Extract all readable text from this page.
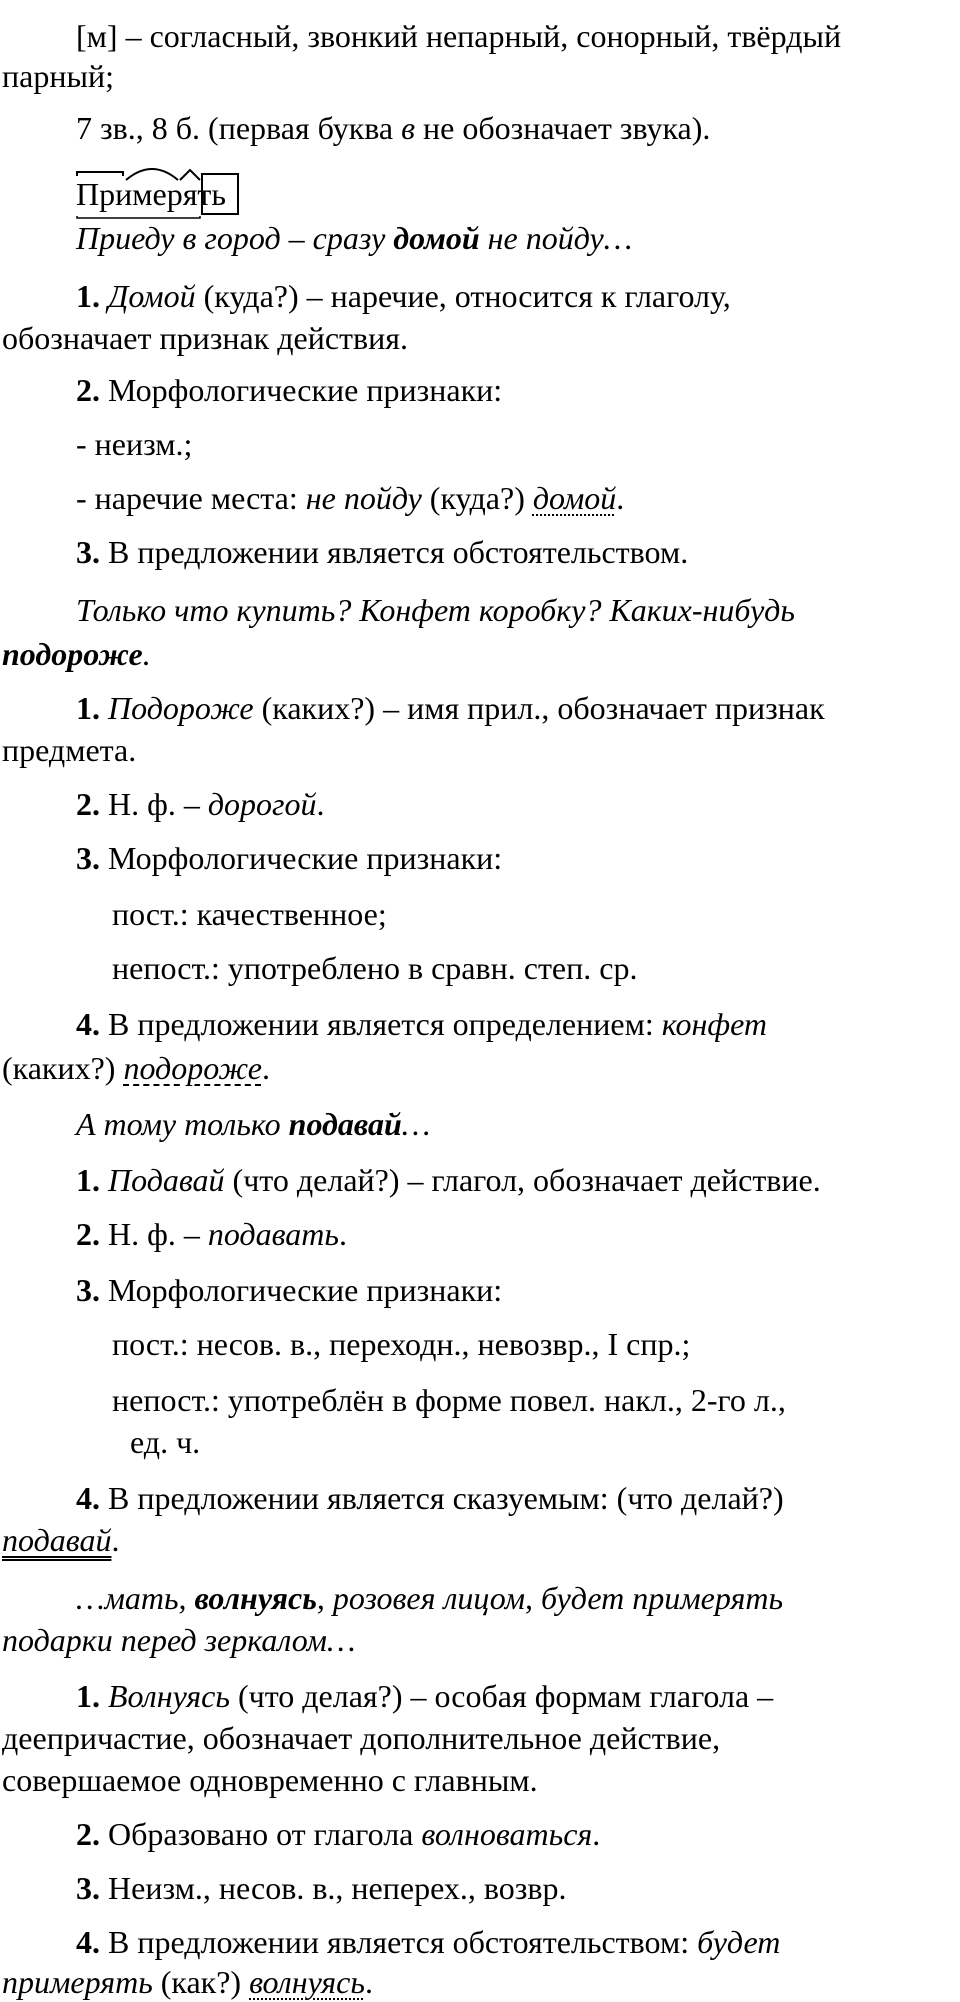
[м] – согласный, звонкий непарный, сонорный, твёрдый

парный;

7 зв., 8 б. (первая буква в не обозначает звука).

Примерять

Приеду в город – сразу домой не пойду…

1. Домой (куда?) – наречие, относится к глаголу,

обозначает признак действия.

2. Морфологические признаки:

- неизм.;

- наречие места: не пойду (куда?) домой.

3. В предложении является обстоятельством.

Только что купить? Конфет коробку? Каких-нибудь

подороже.

1. Подороже (каких?) – имя прил., обозначает признак

предмета.

2. Н. ф. – дорогой.

3. Морфологические признаки:

пост.: качественное;

непост.: употреблено в сравн. степ. ср.

4. В предложении является определением: конфет

(каких?) подороже.

А тому только подавай…

1. Подавай (что делай?) – глагол, обозначает действие.

2. Н. ф. – подавать.

3. Морфологические признаки:

пост.: несов. в., переходн., невозвр., I спр.;

непост.: употреблён в форме повел. накл., 2-го л.,

ед. ч.

4. В предложении является сказуемым: (что делай?)

подавай.

…мать, волнуясь, розовея лицом, будет примерять

подарки перед зеркалом…

1. Волнуясь (что делая?) – особая формам глагола –

деепричастие, обозначает дополнительное действие,

совершаемое одновременно с главным.

2. Образовано от глагола волноваться.

3. Неизм., несов. в., неперех., возвр.

4. В предложении является обстоятельством: будет

примерять (как?) волнуясь.
